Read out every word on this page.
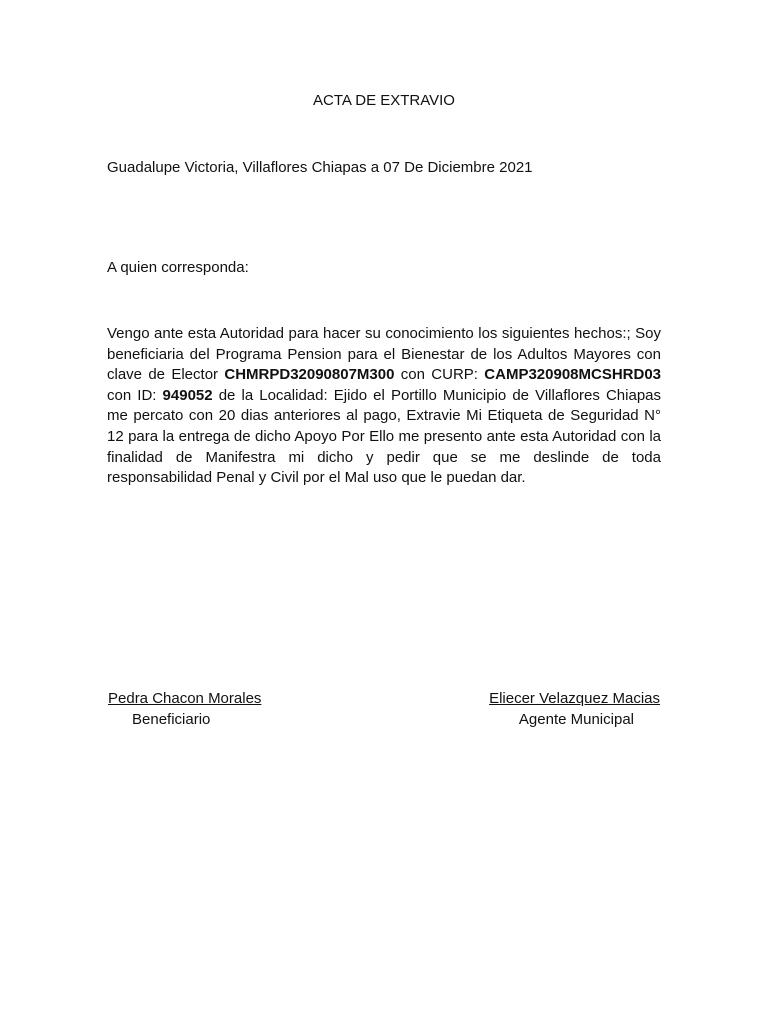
ACTA DE EXTRAVIO
Guadalupe Victoria, Villaflores Chiapas a 07 De Diciembre 2021
A quien corresponda:
Vengo ante esta Autoridad para hacer su conocimiento los siguientes hechos:; Soy beneficiaria del Programa Pension para el Bienestar de los Adultos Mayores con clave de Elector CHMRPD32090807M300 con CURP: CAMP320908MCSHRD03 con ID: 949052 de la Localidad: Ejido el Portillo Municipio de Villaflores Chiapas me percato con 20 dias anteriores al pago, Extravie Mi Etiqueta de Seguridad N° 12 para la entrega de dicho Apoyo Por Ello me presento ante esta Autoridad con la finalidad de Manifestra mi dicho y pedir que se me deslinde de toda responsabilidad Penal y Civil por el Mal uso que le puedan dar.
Pedra Chacon Morales
Beneficiario
Eliecer Velazquez Macias
Agente Municipal
